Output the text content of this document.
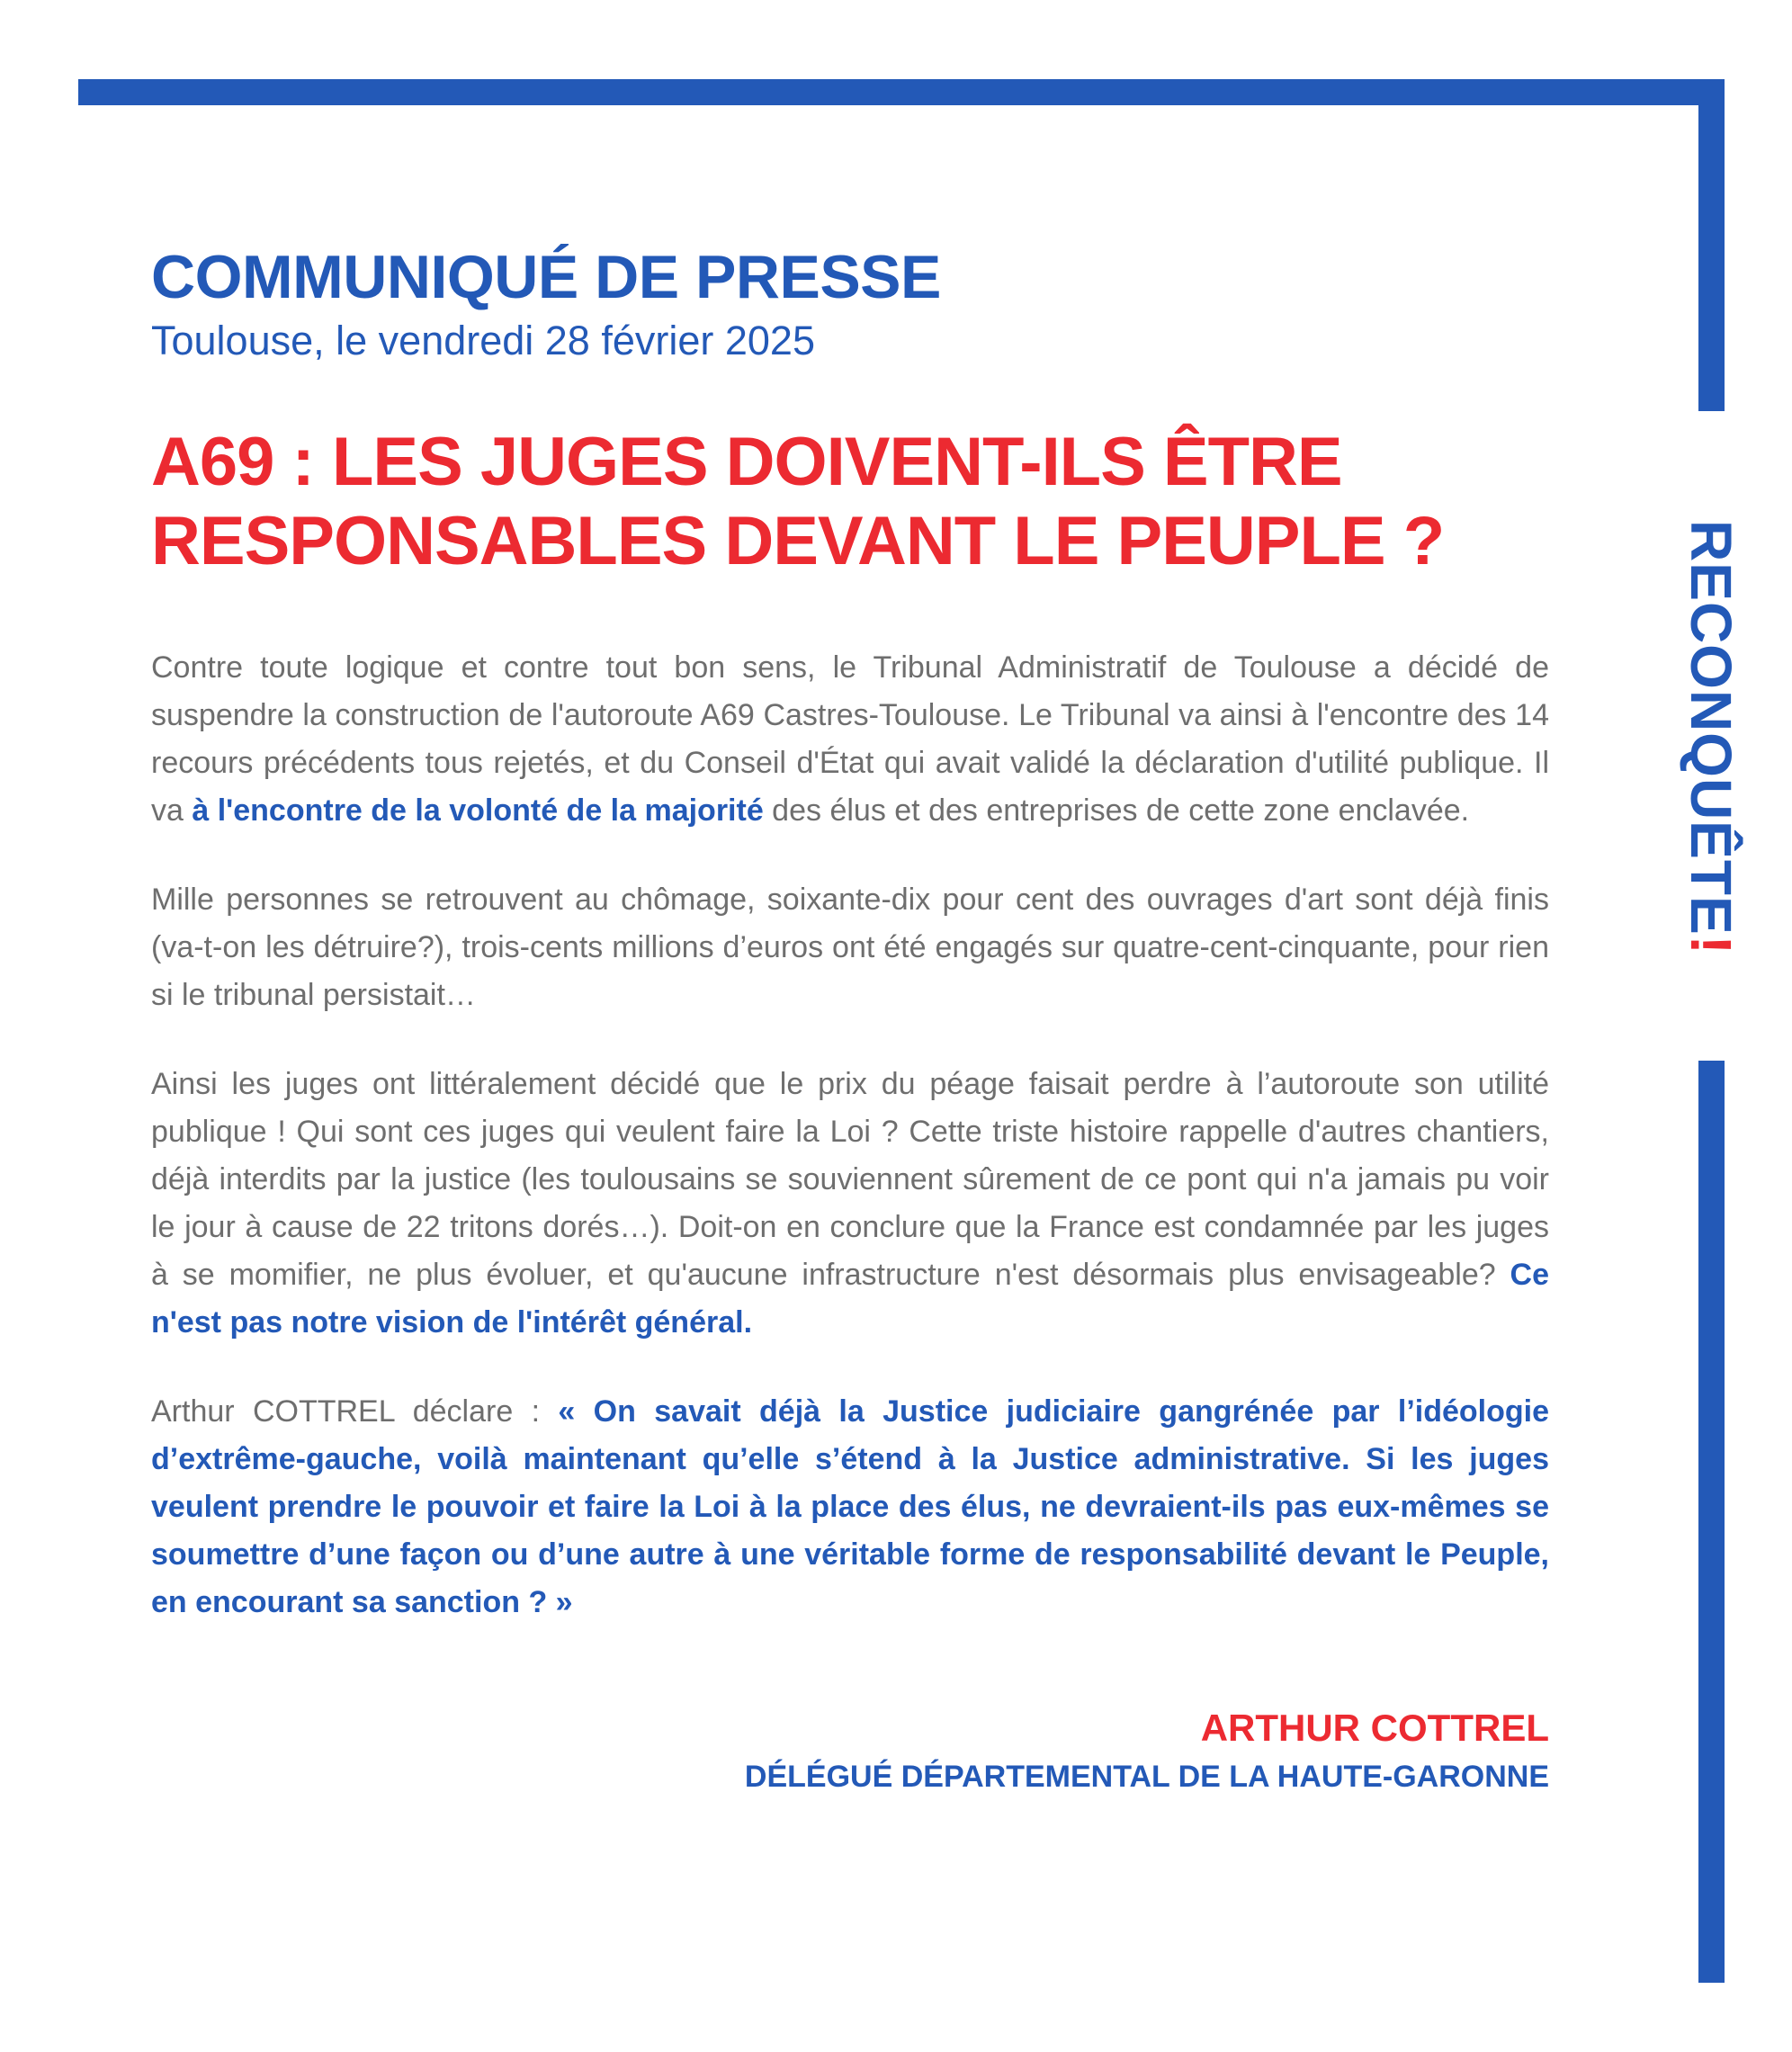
RECONQUÊTE!
COMMUNIQUÉ DE PRESSE

Toulouse, le vendredi 28 février 2025

A69 : LES JUGES DOIVENT-ILS ÊTRE RESPONSABLES DEVANT LE PEUPLE ?

Contre toute logique et contre tout bon sens, le Tribunal Administratif de Toulouse a décidé de suspendre la construction de l'autoroute A69 Castres-Toulouse. Le Tribunal va ainsi à l'encontre des 14 recours précédents tous rejetés, et du Conseil d'État qui avait validé la déclaration d'utilité publique. Il va à l'encontre de la volonté de la majorité des élus et des entreprises de cette zone enclavée.

Mille personnes se retrouvent au chômage, soixante-dix pour cent des ouvrages d'art sont déjà finis (va-t-on les détruire?), trois-cents millions d’euros ont été engagés sur quatre-cent-cinquante, pour rien si le tribunal persistait…

Ainsi les juges ont littéralement décidé que le prix du péage faisait perdre à l’autoroute son utilité publique ! Qui sont ces juges qui veulent faire la Loi ? Cette triste histoire rappelle d'autres chantiers, déjà interdits par la justice (les toulousains se souviennent sûrement de ce pont qui n'a jamais pu voir le jour à cause de 22 tritons dorés…). Doit-on en conclure que la France est condamnée par les juges à se momifier, ne plus évoluer, et qu'aucune infrastructure n'est désormais plus envisageable? Ce n'est pas notre vision de l'intérêt général.

Arthur COTTREL déclare : « On savait déjà la Justice judiciaire gangrénée par l’idéologie d’extrême-gauche, voilà maintenant qu’elle s’étend à la Justice administrative. Si les juges veulent prendre le pouvoir et faire la Loi à la place des élus, ne devraient-ils pas eux-mêmes se soumettre d’une façon ou d’une autre à une véritable forme de responsabilité devant le Peuple, en encourant sa sanction ? »

ARTHUR COTTREL

DÉLÉGUÉ DÉPARTEMENTAL DE LA HAUTE-GARONNE
